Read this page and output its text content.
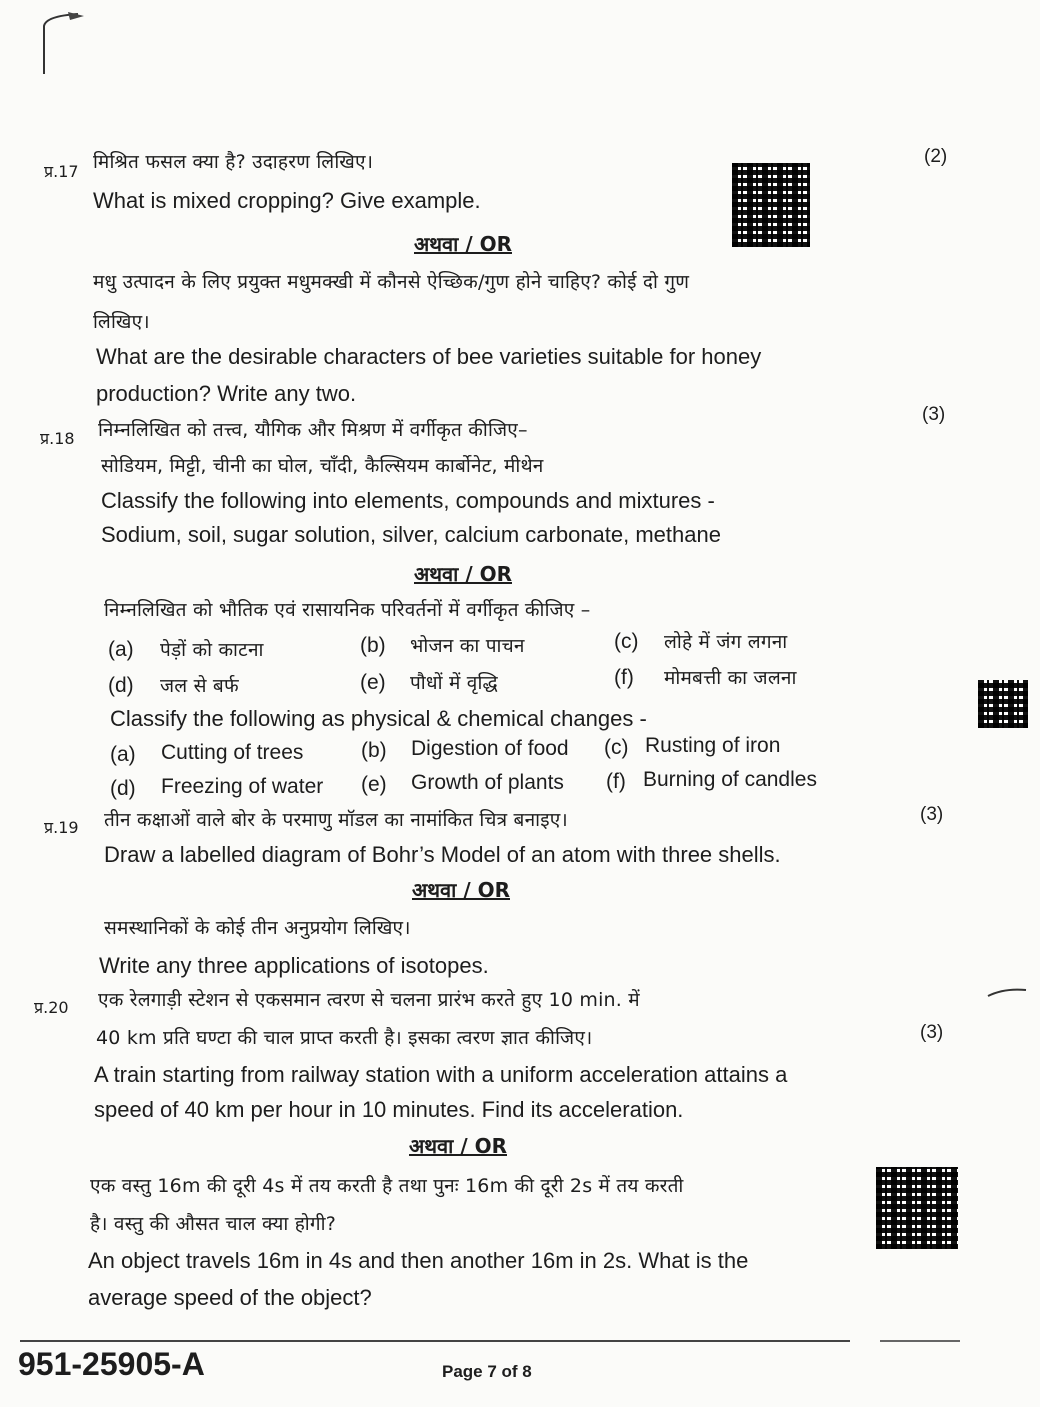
प्र.17 मिश्रित फसल क्या है? उदाहरण लिखिए।	(2)
What is mixed cropping? Give example.
अथवा / OR
मधु उत्पादन के लिए प्रयुक्त मधुमक्खी में कौनसे ऐच्छिक/गुण होने चाहिए? कोई दो गुण
लिखिए।
What are the desirable characters of bee varieties suitable for honey
production? Write any two.
प्र.18
(3)
निम्नलिखित को तत्त्व, यौगिक और मिश्रण में वर्गीकृत कीजिए–
सोडियम, मिट्टी, चीनी का घोल, चाँदी, कैल्सियम कार्बोनेट, मीथेन
Classify the following into elements, compounds and mixtures -
Sodium, soil, sugar solution, silver, calcium carbonate, methane
अथवा / OR
निम्नलिखित को भौतिक एवं रासायनिक परिवर्तनों में वर्गीकृत कीजिए –
(a) पेड़ों को काटना	(b) भोजन का पाचन	(c) लोहे में जंग लगना
(d) जल से बर्फ	(e) पौधों में वृद्धि	(f) मोमबत्ती का जलना
Classify the following as physical & chemical changes -
(a) Cutting of trees	(b) Digestion of food (c) Rusting of iron
(d) Freezing of water (e) Growth of plants (f) Burning of candles
प्र.19 तीन कक्षाओं वाले बोर के परमाणु मॉडल का नामांकित चित्र बनाइए।	(3)
Draw a labelled diagram of Bohr’s Model of an atom with three shells.
अथवा / OR
समस्थानिकों के कोई तीन अनुप्रयोग लिखिए।
Write any three applications of isotopes.
प्र.20 एक रेलगाड़ी स्टेशन से एकसमान त्वरण से चलना प्रारंभ करते हुए 10 min. में
40 km प्रति घण्टा की चाल प्राप्त करती है। इसका त्वरण ज्ञात कीजिए।	(3)
A train starting from railway station with a uniform acceleration attains a
speed of 40 km per hour in 10 minutes. Find its acceleration.
अथवा / OR
एक वस्तु 16m की दूरी 4s में तय करती है तथा पुनः 16m की दूरी 2s में तय करती
है। वस्तु की औसत चाल क्या होगी?
An object travels 16m in 4s and then another 16m in 2s. What is the
average speed of the object?
951-25905-A	Page 7 of 8
